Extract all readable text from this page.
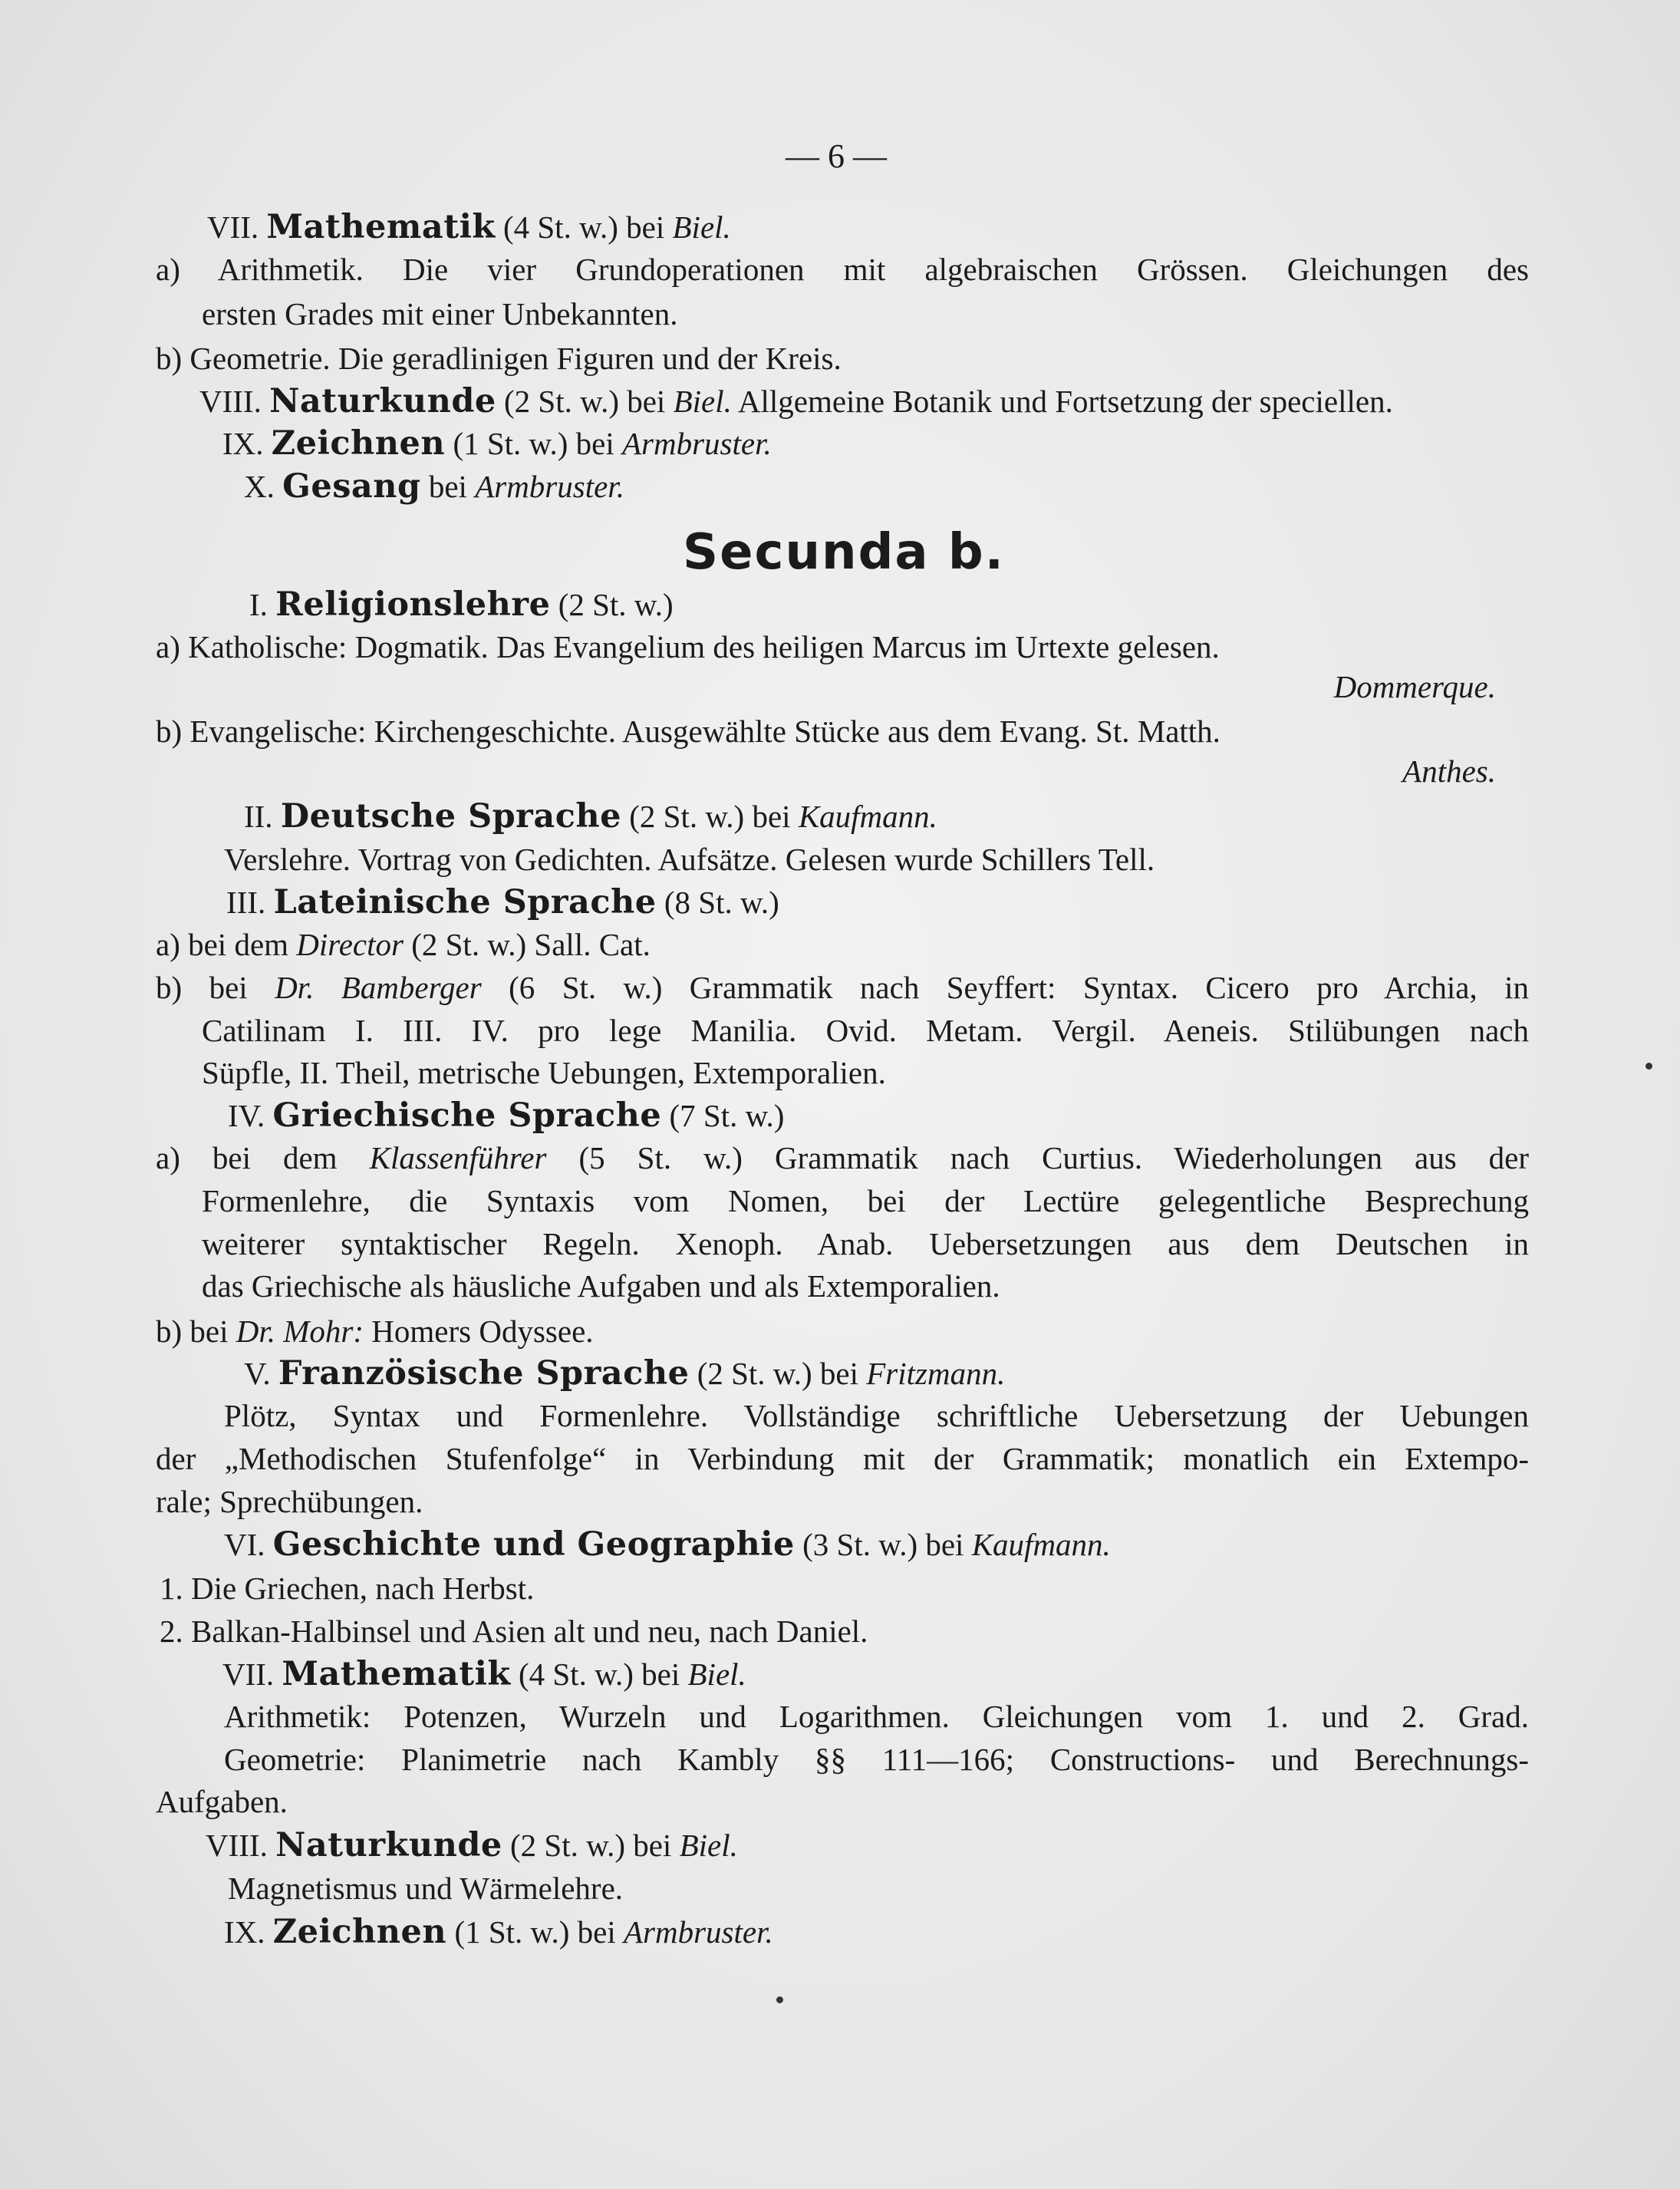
— 6 —
VII. Mathematik (4 St. w.) bei Biel.
a) Arithmetik. Die vier Grundoperationen mit algebraischen Grössen. Gleichungen des
ersten Grades mit einer Unbekannten.
b) Geometrie. Die geradlinigen Figuren und der Kreis.
VIII. Naturkunde (2 St. w.) bei Biel. Allgemeine Botanik und Fortsetzung der speciellen.
IX. Zeichnen (1 St. w.) bei Armbruster.
X. Gesang bei Armbruster.
Secunda b.
I. Religionslehre (2 St. w.)
a) Katholische: Dogmatik. Das Evangelium des heiligen Marcus im Urtexte gelesen.
Dommerque.
b) Evangelische: Kirchengeschichte. Ausgewählte Stücke aus dem Evang. St. Matth.
Anthes.
II. Deutsche Sprache (2 St. w.) bei Kaufmann.
Verslehre. Vortrag von Gedichten. Aufsätze. Gelesen wurde Schillers Tell.
III. Lateinische Sprache (8 St. w.)
a) bei dem Director (2 St. w.) Sall. Cat.
b) bei Dr. Bamberger (6 St. w.) Grammatik nach Seyffert: Syntax. Cicero pro Archia, in
Catilinam I. III. IV. pro lege Manilia. Ovid. Metam. Vergil. Aeneis. Stilübungen nach
Süpfle, II. Theil, metrische Uebungen, Extemporalien.
IV. Griechische Sprache (7 St. w.)
a) bei dem Klassenführer (5 St. w.) Grammatik nach Curtius. Wiederholungen aus der
Formenlehre, die Syntaxis vom Nomen, bei der Lectüre gelegentliche Besprechung
weiterer syntaktischer Regeln. Xenoph. Anab. Uebersetzungen aus dem Deutschen in
das Griechische als häusliche Aufgaben und als Extemporalien.
b) bei Dr. Mohr: Homers Odyssee.
V. Französische Sprache (2 St. w.) bei Fritzmann.
Plötz, Syntax und Formenlehre. Vollständige schriftliche Uebersetzung der Uebungen
der „Methodischen Stufenfolge“ in Verbindung mit der Grammatik; monatlich ein Extempo-
rale; Sprechübungen.
VI. Geschichte und Geographie (3 St. w.) bei Kaufmann.
1. Die Griechen, nach Herbst.
2. Balkan-Halbinsel und Asien alt und neu, nach Daniel.
VII. Mathematik (4 St. w.) bei Biel.
Arithmetik: Potenzen, Wurzeln und Logarithmen. Gleichungen vom 1. und 2. Grad.
Geometrie: Planimetrie nach Kambly §§ 111—166; Constructions- und Berechnungs-
Aufgaben.
VIII. Naturkunde (2 St. w.) bei Biel.
Magnetismus und Wärmelehre.
IX. Zeichnen (1 St. w.) bei Armbruster.
